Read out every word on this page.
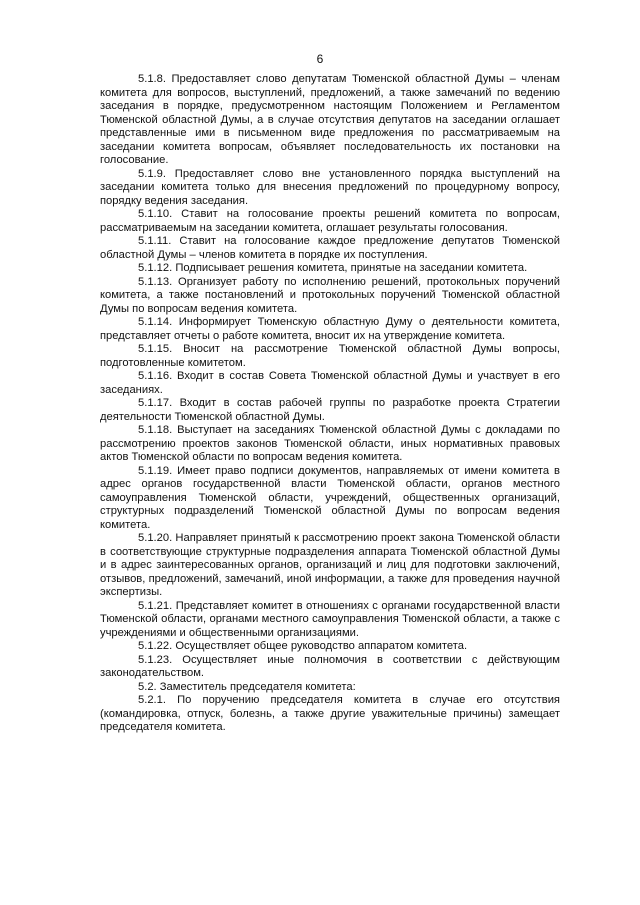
6

5.1.8. Предоставляет слово депутатам Тюменской областной Думы – членам комитета для вопросов, выступлений, предложений, а также замечаний по ведению заседания в порядке, предусмотренном настоящим Положением и Регламентом Тюменской областной Думы, а в случае отсутствия депутатов на заседании оглашает представленные ими в письменном виде предложения по рассматриваемым на заседании комитета вопросам, объявляет последовательность их постановки на голосование.

5.1.9. Предоставляет слово вне установленного порядка выступлений на заседании комитета только для внесения предложений по процедурному вопросу, порядку ведения заседания.

5.1.10. Ставит на голосование проекты решений комитета по вопросам, рассматриваемым на заседании комитета, оглашает результаты голосования.

5.1.11. Ставит на голосование каждое предложение депутатов Тюменской областной Думы – членов комитета в порядке их поступления.

5.1.12. Подписывает решения комитета, принятые на заседании комитета.

5.1.13. Организует работу по исполнению решений, протокольных поручений комитета, а также постановлений и протокольных поручений Тюменской областной Думы по вопросам ведения комитета.

5.1.14. Информирует Тюменскую областную Думу о деятельности комитета, представляет отчеты о работе комитета, вносит их на утверждение комитета.

5.1.15. Вносит на рассмотрение Тюменской областной Думы вопросы, подготовленные комитетом.

5.1.16. Входит в состав Совета Тюменской областной Думы и участвует в его заседаниях.

5.1.17. Входит в состав рабочей группы по разработке проекта Стратегии деятельности Тюменской областной Думы.

5.1.18. Выступает на заседаниях Тюменской областной Думы с докладами по рассмотрению проектов законов Тюменской области, иных нормативных правовых актов Тюменской области по вопросам ведения комитета.

5.1.19. Имеет право подписи документов, направляемых от имени комитета в адрес органов государственной власти Тюменской области, органов местного самоуправления Тюменской области, учреждений, общественных организаций, структурных подразделений Тюменской областной Думы по вопросам ведения комитета.

5.1.20. Направляет принятый к рассмотрению проект закона Тюменской области в соответствующие структурные подразделения аппарата Тюменской областной Думы и в адрес заинтересованных органов, организаций и лиц для подготовки заключений, отзывов, предложений, замечаний, иной информации, а также для проведения научной экспертизы.

5.1.21. Представляет комитет в отношениях с органами государственной власти Тюменской области, органами местного самоуправления Тюменской области, а также с учреждениями и общественными организациями.

5.1.22. Осуществляет общее руководство аппаратом комитета.

5.1.23. Осуществляет иные полномочия в соответствии с действующим законодательством.

5.2. Заместитель председателя комитета:

5.2.1. По поручению председателя комитета в случае его отсутствия (командировка, отпуск, болезнь, а также другие уважительные причины) замещает председателя комитета.
